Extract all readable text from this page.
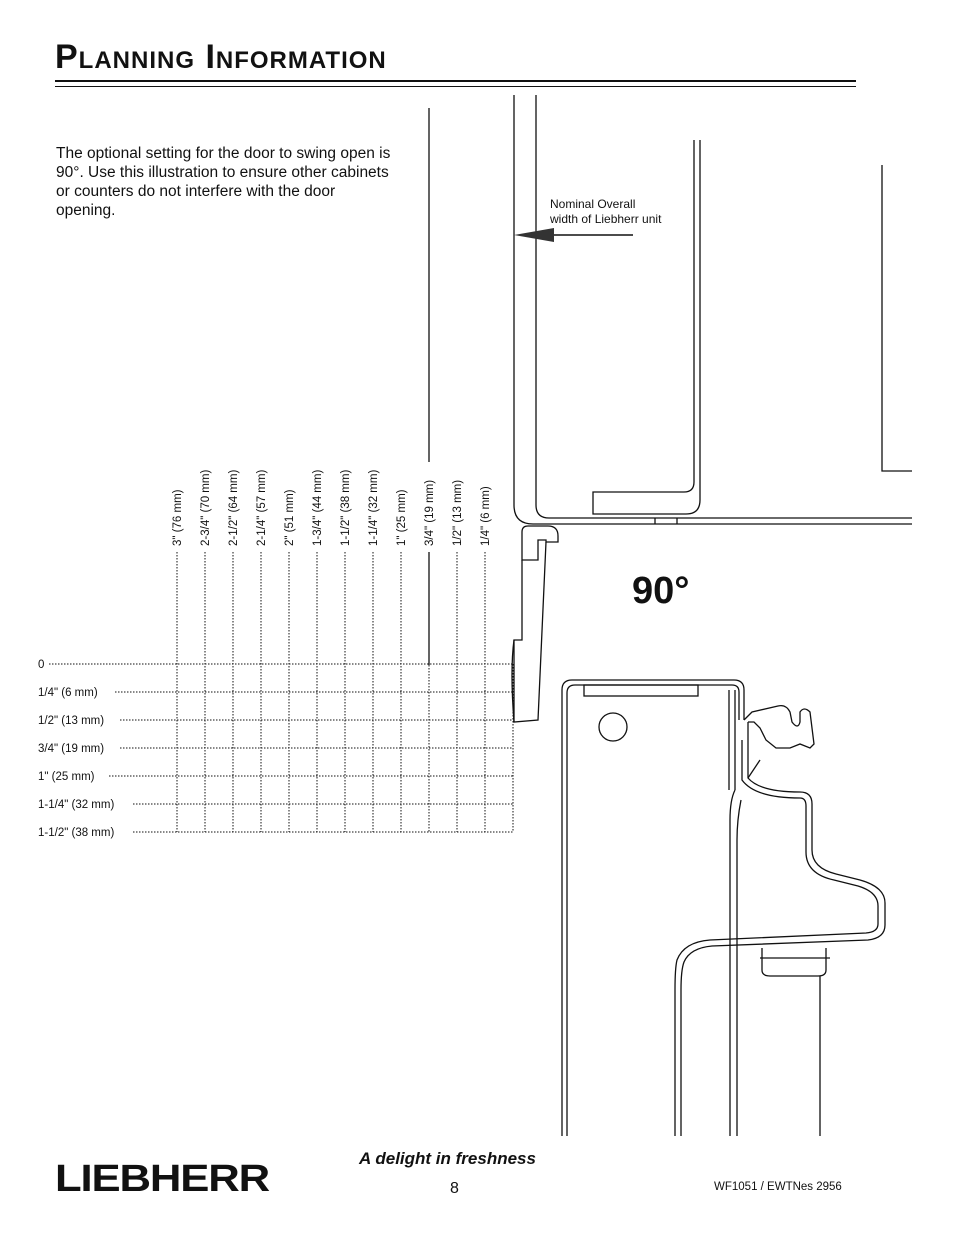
Planning Information

The optional setting for the door to swing open is 90°. Use this illustration to ensure other cabinets or counters do not interfere with the door opening.

3" (76 mm) 2-3/4" (70 mm) 2-1/2" (64 mm) 2-1/4" (57 mm) 2" (51 mm) 1-3/4" (44 mm) 1-1/2" (38 mm) 1-1/4" (32 mm) 1" (25 mm) 3/4" (19 mm) 1/2" (13 mm) 1/4" (6 mm)
0
1/4" (6 mm)
1/2" (13 mm)
3/4" (19 mm)
1" (25 mm)
1-1/4" (32 mm)
1-1/2" (38 mm)
Nominal Overall
width of Liebherr unit
90°
LIEBHERR	A delight in freshness
8	WF1051 / EWTNes 2956
